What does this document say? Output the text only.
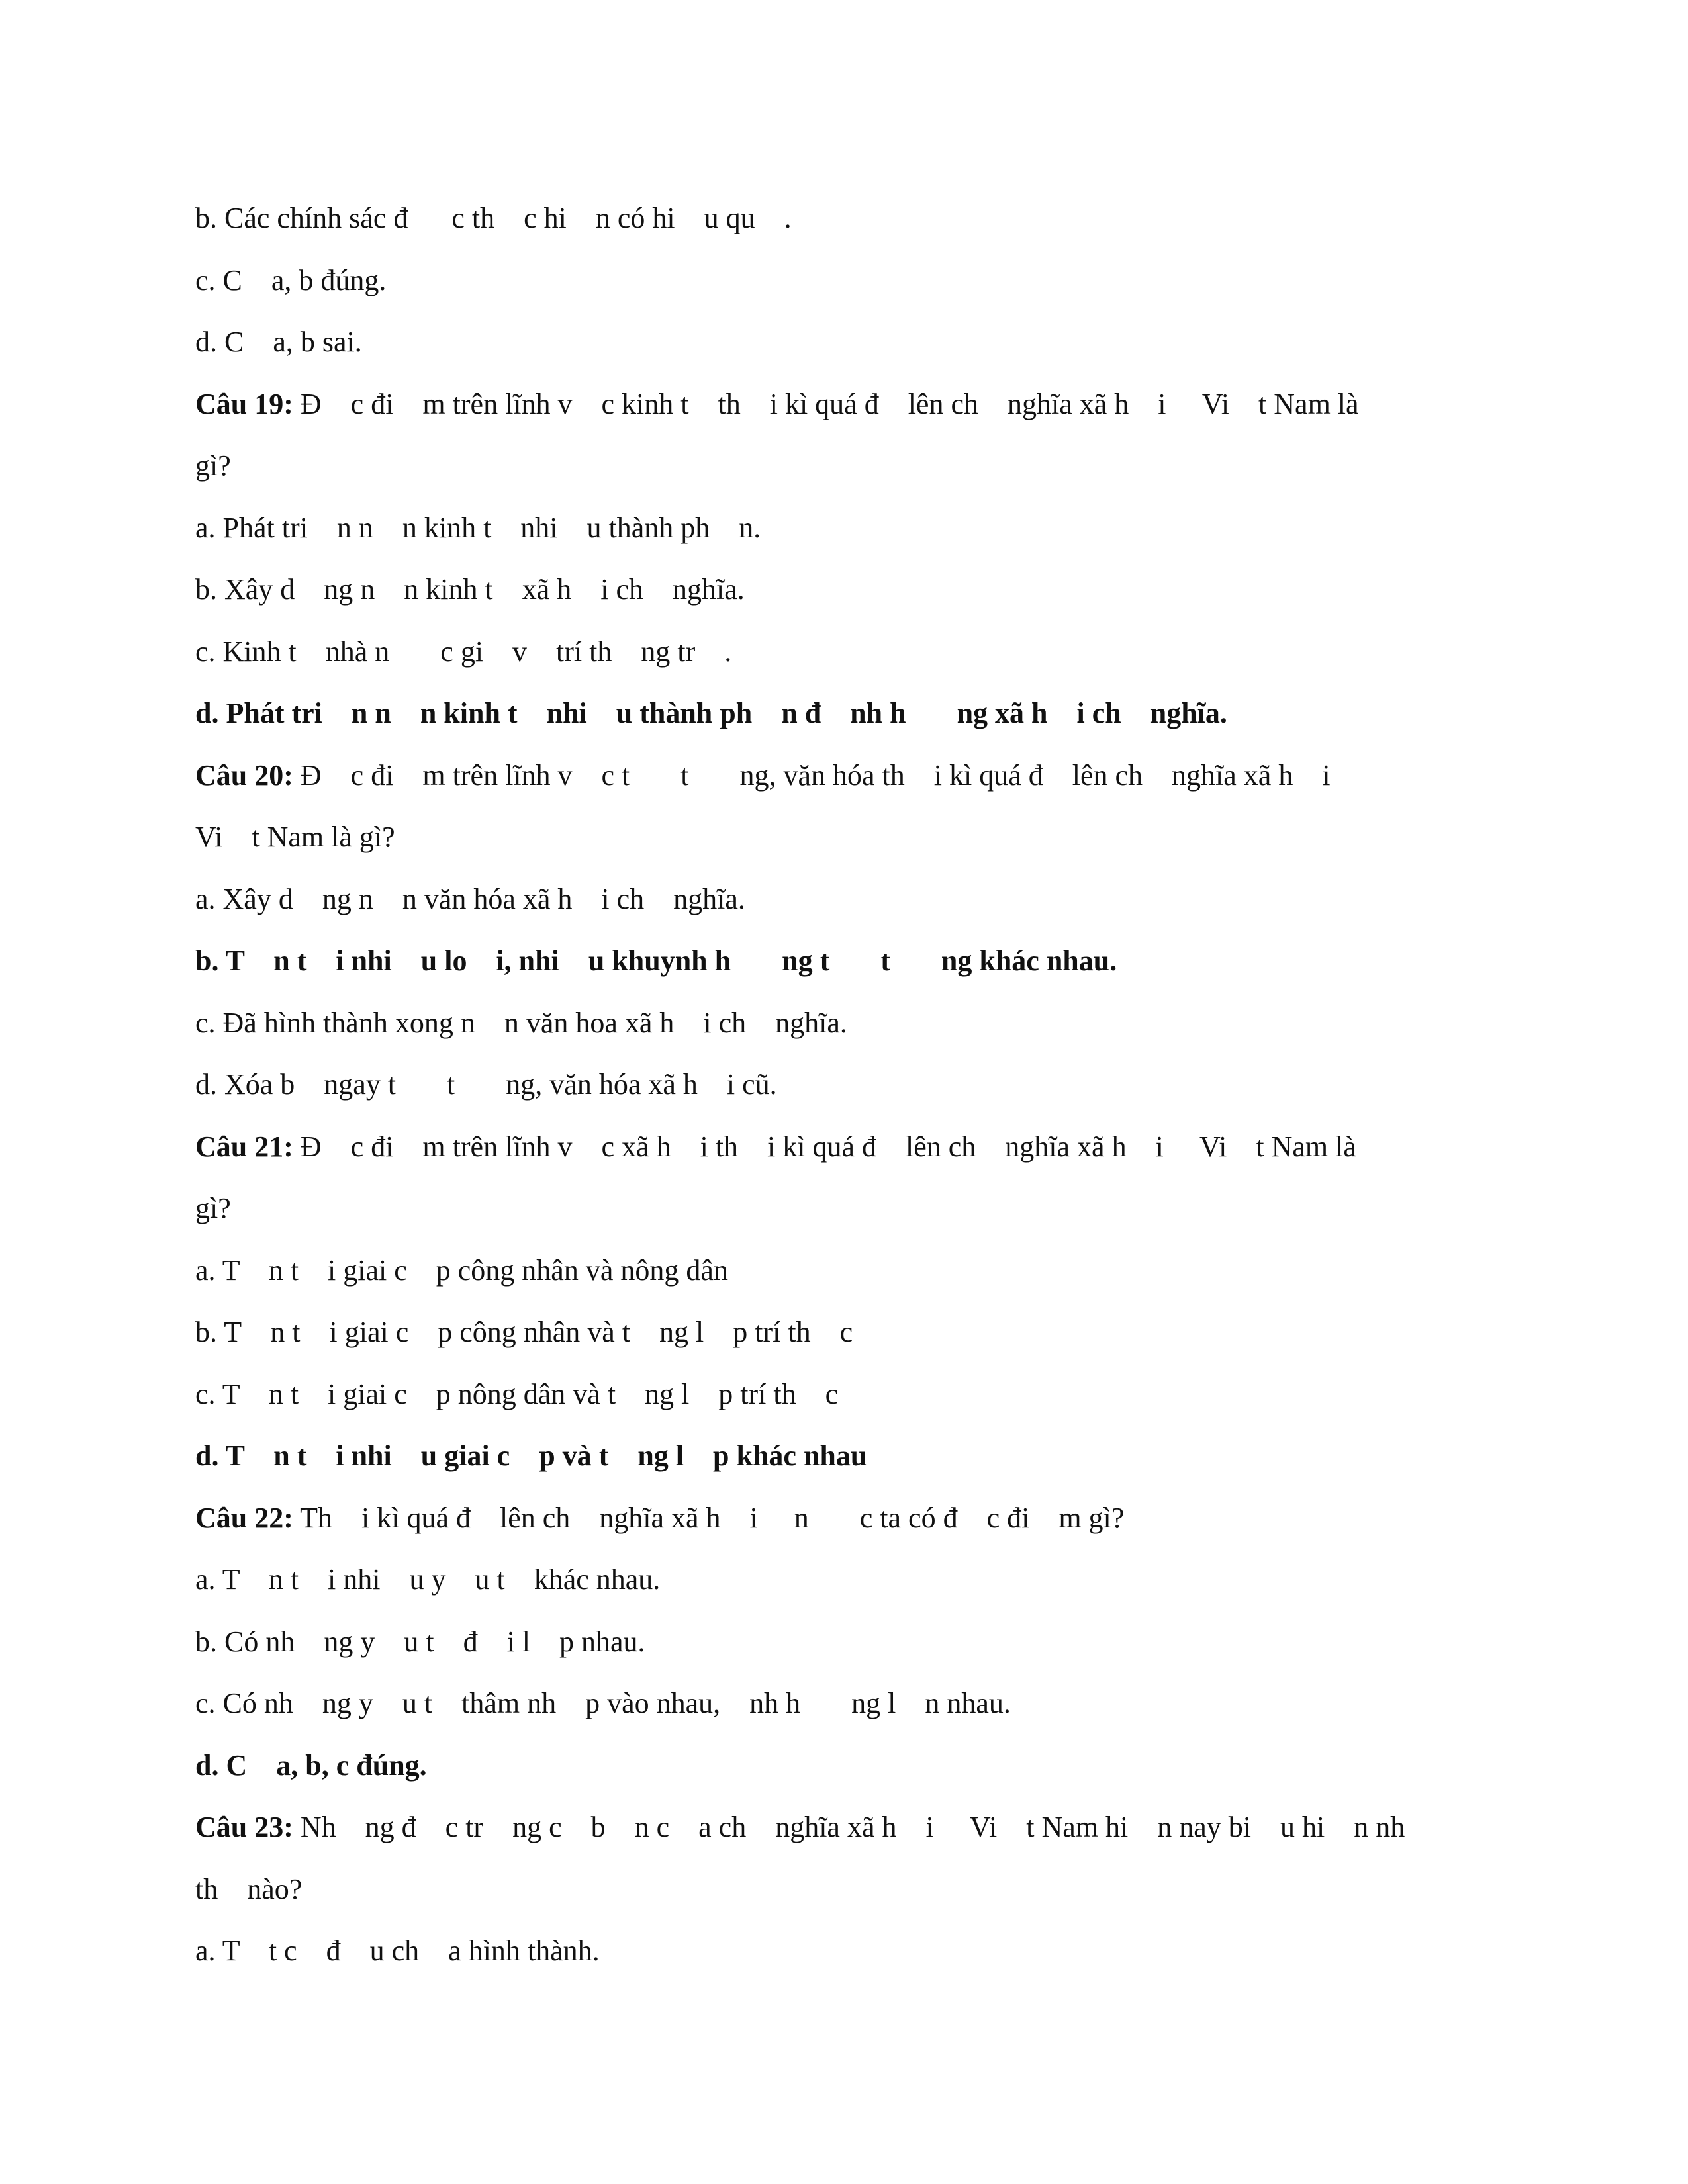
b. Các chính sác đ      c th    c hi    n có hi    u qu    .
c. C    a, b đúng.
d. C    a, b sai.
Câu 19: Đ    c đi    m trên lĩnh v    c kinh t    th    i kì quá đ    lên ch    nghĩa xã h    i     Vi    t Nam là
gì?
a. Phát tri    n n    n kinh t    nhi    u thành ph    n.
b. Xây d    ng n    n kinh t    xã h    i ch    nghĩa.
c. Kinh t    nhà n       c gi    v    trí th    ng tr    .
d. Phát tri    n n    n kinh t    nhi    u thành ph    n đ    nh h       ng xã h    i ch    nghĩa.
Câu 20: Đ    c đi    m trên lĩnh v    c t       t       ng, văn hóa th    i kì quá đ    lên ch    nghĩa xã h    i
Vi    t Nam là gì?
a. Xây d    ng n    n văn hóa xã h    i ch    nghĩa.
b. T    n t    i nhi    u lo    i, nhi    u khuynh h       ng t       t       ng khác nhau.
c. Đã hình thành xong n    n văn hoa xã h    i ch    nghĩa.
d. Xóa b    ngay t       t       ng, văn hóa xã h    i cũ.
Câu 21: Đ    c đi    m trên lĩnh v    c xã h    i th    i kì quá đ    lên ch    nghĩa xã h    i     Vi    t Nam là
gì?
a. T    n t    i giai c    p công nhân và nông dân
b. T    n t    i giai c    p công nhân và t    ng l    p trí th    c
c. T    n t    i giai c    p nông dân và t    ng l    p trí th    c
d. T    n t    i nhi    u giai c    p và t    ng l    p khác nhau
Câu 22: Th    i kì quá đ    lên ch    nghĩa xã h    i     n       c ta có đ    c đi    m gì?
a. T    n t    i nhi    u y    u t    khác nhau.
b. Có nh    ng y    u t    đ    i l    p nhau.
c. Có nh    ng y    u t    thâm nh    p vào nhau,    nh h       ng l    n nhau.
d. C    a, b, c đúng.
Câu 23: Nh    ng đ    c tr    ng c    b    n c    a ch    nghĩa xã h    i     Vi    t Nam hi    n nay bi    u hi    n nh
th    nào?
a. T    t c    đ    u ch    a hình thành.
